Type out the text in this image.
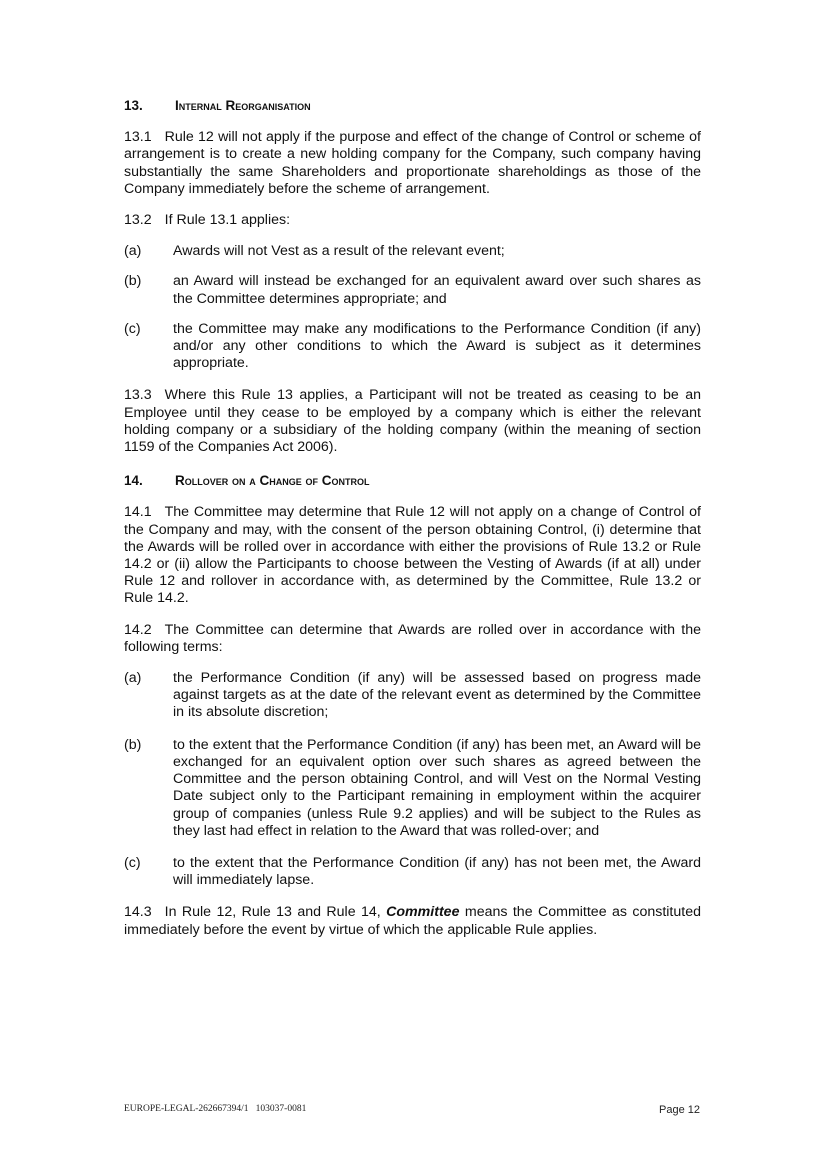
13. Internal Reorganisation

13.1 Rule 12 will not apply if the purpose and effect of the change of Control or scheme of arrangement is to create a new holding company for the Company, such company having substantially the same Shareholders and proportionate shareholdings as those of the Company immediately before the scheme of arrangement.

13.2 If Rule 13.1 applies:

(a)	Awards will not Vest as a result of the relevant event;
(b)	an Award will instead be exchanged for an equivalent award over such shares as the Committee determines appropriate; and
(c)	the Committee may make any modifications to the Performance Condition (if any) and/or any other conditions to which the Award is subject as it determines appropriate.

13.3 Where this Rule 13 applies, a Participant will not be treated as ceasing to be an Employee until they cease to be employed by a company which is either the relevant holding company or a subsidiary of the holding company (within the meaning of section 1159 of the Companies Act 2006).

14. Rollover on a Change of Control

14.1 The Committee may determine that Rule 12 will not apply on a change of Control of the Company and may, with the consent of the person obtaining Control, (i) determine that the Awards will be rolled over in accordance with either the provisions of Rule 13.2 or Rule 14.2 or (ii) allow the Participants to choose between the Vesting of Awards (if at all) under Rule 12 and rollover in accordance with, as determined by the Committee, Rule 13.2 or Rule 14.2.

14.2 The Committee can determine that Awards are rolled over in accordance with the following terms:

(a)	the Performance Condition (if any) will be assessed based on progress made against targets as at the date of the relevant event as determined by the Committee in its absolute discretion;
(b)	to the extent that the Performance Condition (if any) has been met, an Award will be exchanged for an equivalent option over such shares as agreed between the Committee and the person obtaining Control, and will Vest on the Normal Vesting Date subject only to the Participant remaining in employment within the acquirer group of companies (unless Rule 9.2 applies) and will be subject to the Rules as they last had effect in relation to the Award that was rolled-over; and
(c)	to the extent that the Performance Condition (if any) has not been met, the Award will immediately lapse.

14.3 In Rule 12, Rule 13 and Rule 14, Committee means the Committee as constituted immediately before the event by virtue of which the applicable Rule applies.

EUROPE-LEGAL-262667394/1   103037-0081	Page 12
